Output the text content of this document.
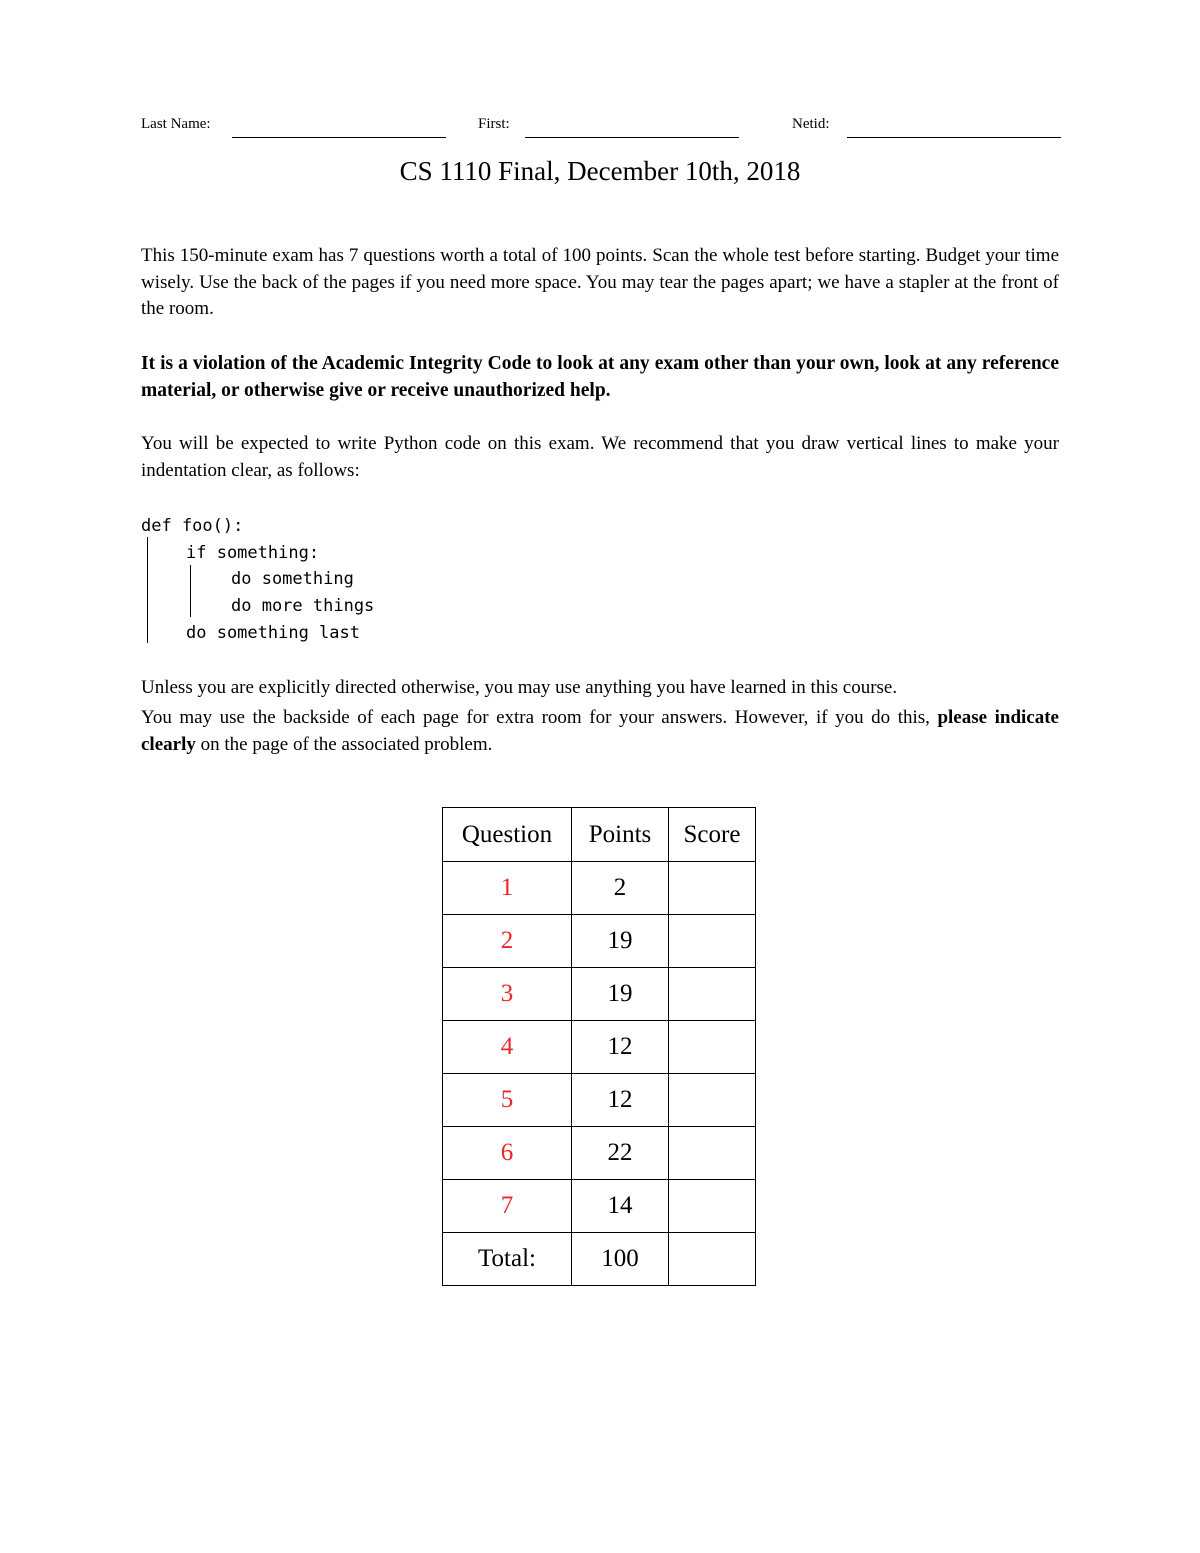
Last Name:	First:	Netid:
CS 1110 Final, December 10th, 2018
This 150-minute exam has 7 questions worth a total of 100 points. Scan the whole test before starting. Budget your time wisely. Use the back of the pages if you need more space. You may tear the pages apart; we have a stapler at the front of the room.
It is a violation of the Academic Integrity Code to look at any exam other than your own, look at any reference material, or otherwise give or receive unauthorized help.
You will be expected to write Python code on this exam. We recommend that you draw vertical lines to make your indentation clear, as follows:
def foo():
if something:
do something
do more things
do something last
Unless you are explicitly directed otherwise, you may use anything you have learned in this course.
You may use the backside of each page for extra room for your answers. However, if you do this, please indicate clearly on the page of the associated problem.
Question	Points	Score
1	2	
2	19	
3	19	
4	12	
5	12	
6	22	
7	14	
Total:	100	
